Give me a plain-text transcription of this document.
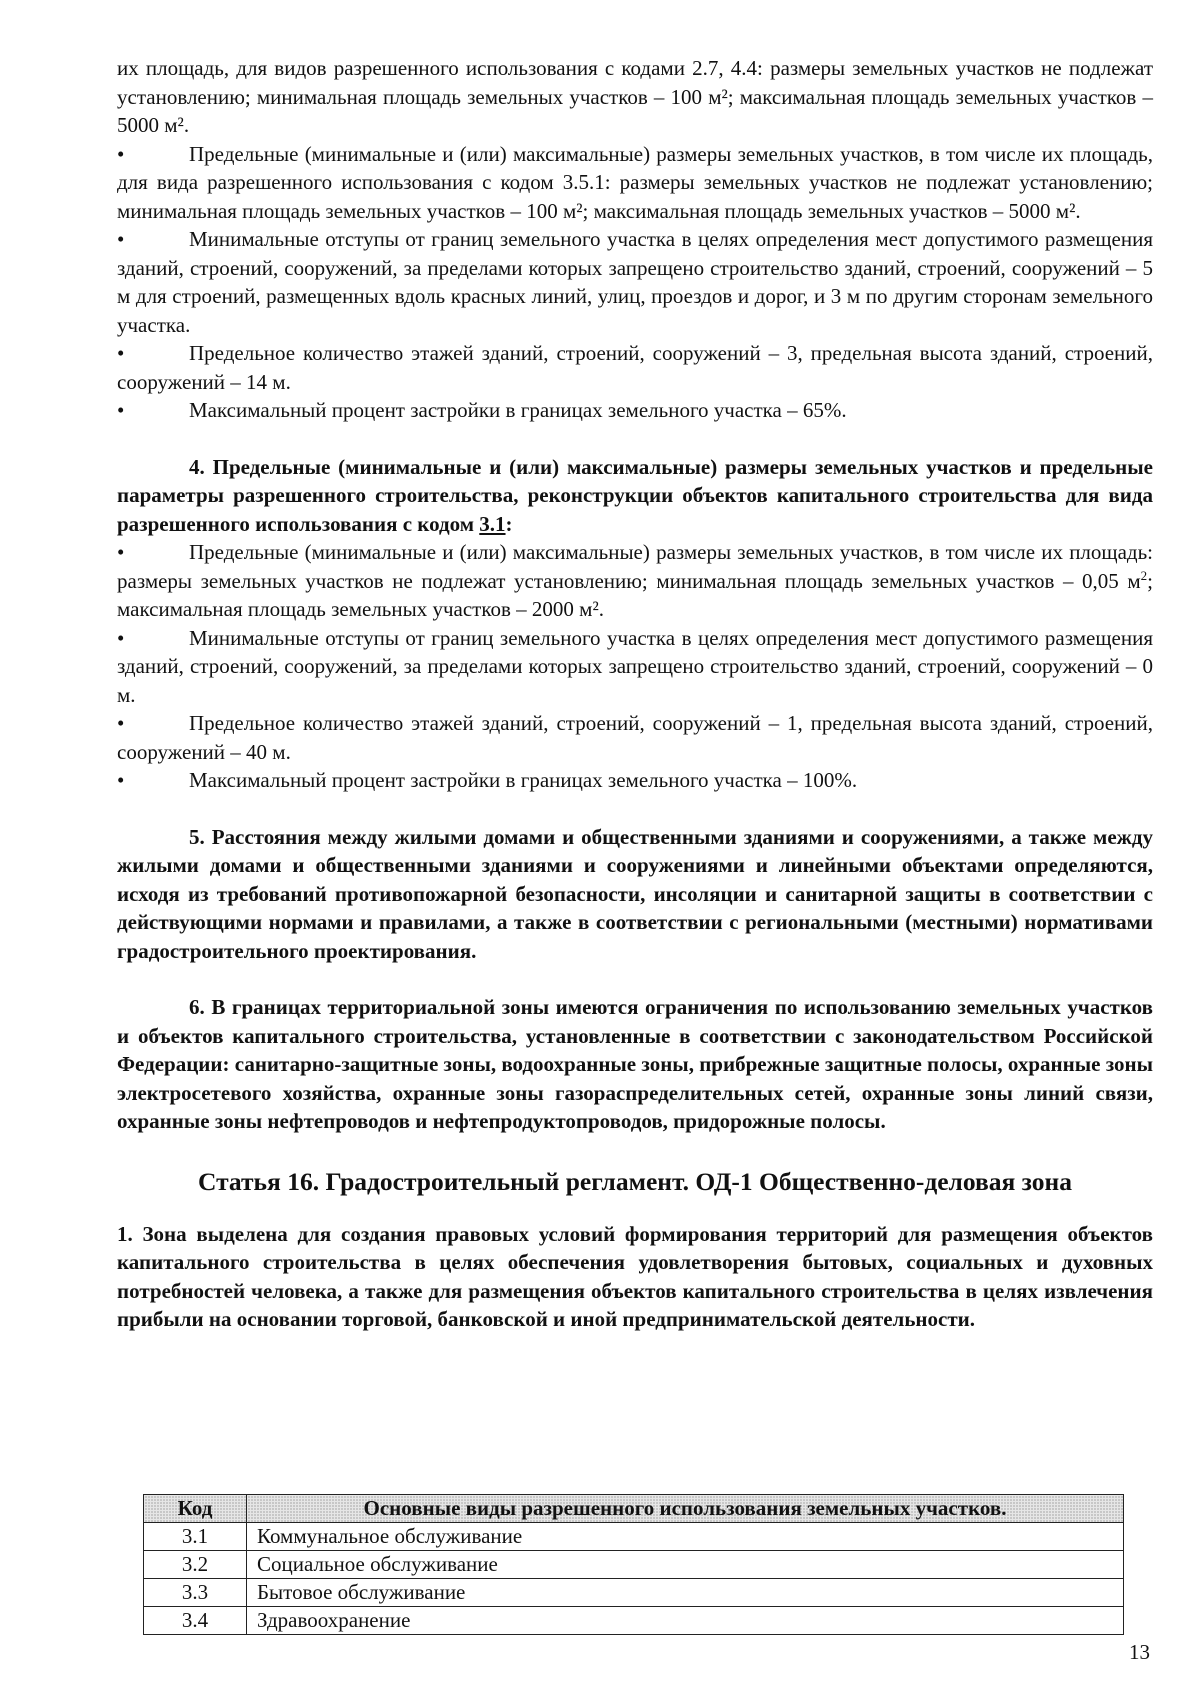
их площадь, для видов разрешенного использования с кодами 2.7, 4.4: размеры земельных участков не подлежат установлению; минимальная площадь земельных участков – 100 м²; максимальная площадь земельных участков – 5000 м².

•	Предельные (минимальные и (или) максимальные) размеры земельных участков, в том числе их площадь, для вида разрешенного использования с кодом 3.5.1: размеры земельных участков не подлежат установлению; минимальная площадь земельных участков – 100 м²; максимальная площадь земельных участков – 5000 м².

•	Минимальные отступы от границ земельного участка в целях определения мест допустимого размещения зданий, строений, сооружений, за пределами которых запрещено строительство зданий, строений, сооружений – 5 м для строений, размещенных вдоль красных линий, улиц, проездов и дорог, и 3 м по другим сторонам земельного участка.

•	Предельное количество этажей зданий, строений, сооружений – 3, предельная высота зданий, строений, сооружений – 14 м.

•	Максимальный процент застройки в границах земельного участка – 65%.

4. Предельные (минимальные и (или) максимальные) размеры земельных участков и предельные параметры разрешенного строительства, реконструкции объектов капитального строительства для вида разрешенного использования с кодом 3.1:

•	Предельные (минимальные и (или) максимальные) размеры земельных участков, в том числе их площадь: размеры земельных участков не подлежат установлению; минимальная площадь земельных участков – 0,05 $м^2$; максимальная площадь земельных участков – 2000 м².

•	Минимальные отступы от границ земельного участка в целях определения мест допустимого размещения зданий, строений, сооружений, за пределами которых запрещено строительство зданий, строений, сооружений – 0 м.

•	Предельное количество этажей зданий, строений, сооружений – 1, предельная высота зданий, строений, сооружений – 40 м.

•	Максимальный процент застройки в границах земельного участка – 100%.

5. Расстояния между жилыми домами и общественными зданиями и сооружениями, а также между жилыми домами и общественными зданиями и сооружениями и линейными объектами определяются, исходя из требований противопожарной безопасности, инсоляции и санитарной защиты в соответствии с действующими нормами и правилами, а также в соответствии с региональными (местными) нормативами градостроительного проектирования.

6. В границах территориальной зоны имеются ограничения по использованию земельных участков и объектов капитального строительства, установленные в соответствии с законодательством Российской Федерации: санитарно-защитные зоны, водоохранные зоны, прибрежные защитные полосы, охранные зоны электросетевого хозяйства, охранные зоны газораспределительных сетей, охранные зоны линий связи, охранные зоны нефтепроводов и нефтепродуктопроводов, придорожные полосы.

Статья 16. Градостроительный регламент. ОД-1 Общественно-деловая зона

1. Зона выделена для создания правовых условий формирования территорий для размещения объектов капитального строительства в целях обеспечения удовлетворения бытовых, социальных и духовных потребностей человека, а также для размещения объектов капитального строительства в целях извлечения прибыли на основании торговой, банковской и иной предпринимательской деятельности.

Код	Основные виды разрешенного использования земельных участков.
3.1	Коммунальное обслуживание
3.2	Социальное обслуживание
3.3	Бытовое обслуживание
3.4	Здравоохранение
13
